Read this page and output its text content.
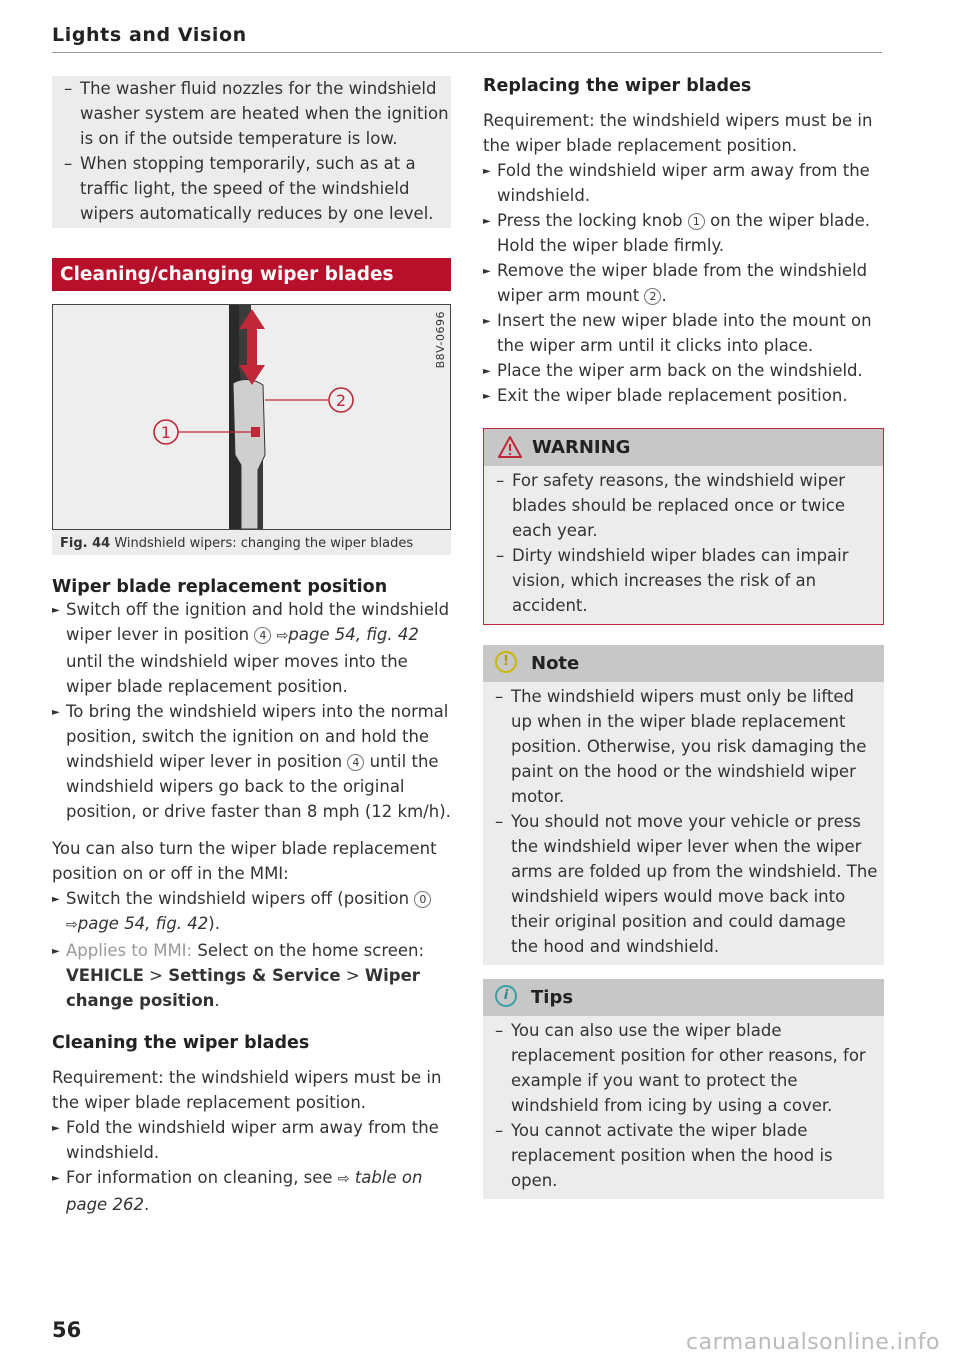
Lights and Vision
– The washer fluid nozzles for the windshield washer system are heated when the ignition is on if the outside temperature is low.
– When stopping temporarily, such as at a traffic light, the speed of the windshield wipers automatically reduces by one level.
Cleaning/changing wiper blades
1
2
B8V-0696
Fig. 44 Windshield wipers: changing the wiper blades
Wiper blade replacement position
► Switch off the ignition and hold the windshield wiper lever in position 4 ⇨page 54, fig. 42 until the windshield wiper moves into the wiper blade replacement position.
► To bring the windshield wipers into the normal position, switch the ignition on and hold the windshield wiper lever in position 4 until the windshield wipers go back to the original position, or drive faster than 8 mph (12 km/h).

You can also turn the wiper blade replacement position on or off in the MMI:

► Switch the windshield wipers off (position 0
⇨page 54, fig. 42).
► Applies to MMI: Select on the home screen: VEHICLE > Settings & Service > Wiper change position.
Cleaning the wiper blades

Requirement: the windshield wipers must be in the wiper blade replacement position.

► Fold the windshield wiper arm away from the windshield.
► For information on cleaning, see ⇨ table on page 262.
Replacing the wiper blades

Requirement: the windshield wipers must be in the wiper blade replacement position.

► Fold the windshield wiper arm away from the windshield.
► Press the locking knob 1 on the wiper blade. Hold the wiper blade firmly.
► Remove the wiper blade from the windshield wiper arm mount 2 .
► Insert the new wiper blade into the mount on the wiper arm until it clicks into place.
► Place the wiper arm back on the windshield.
► Exit the wiper blade replacement position.
WARNING
– For safety reasons, the windshield wiper blades should be replaced once or twice each year.
– Dirty windshield wiper blades can impair vision, which increases the risk of an accident.
!	Note
– The windshield wipers must only be lifted up when in the wiper blade replacement position. Otherwise, you risk damaging the paint on the hood or the windshield wiper motor.
– You should not move your vehicle or press the windshield wiper lever when the wiper arms are folded up from the windshield. The windshield wipers would move back into their original position and could damage the hood and windshield.
i	Tips
– You can also use the wiper blade replacement position for other reasons, for example if you want to protect the windshield from icing by using a cover.
– You cannot activate the wiper blade replacement position when the hood is open.
56	carmanualsonline.info
